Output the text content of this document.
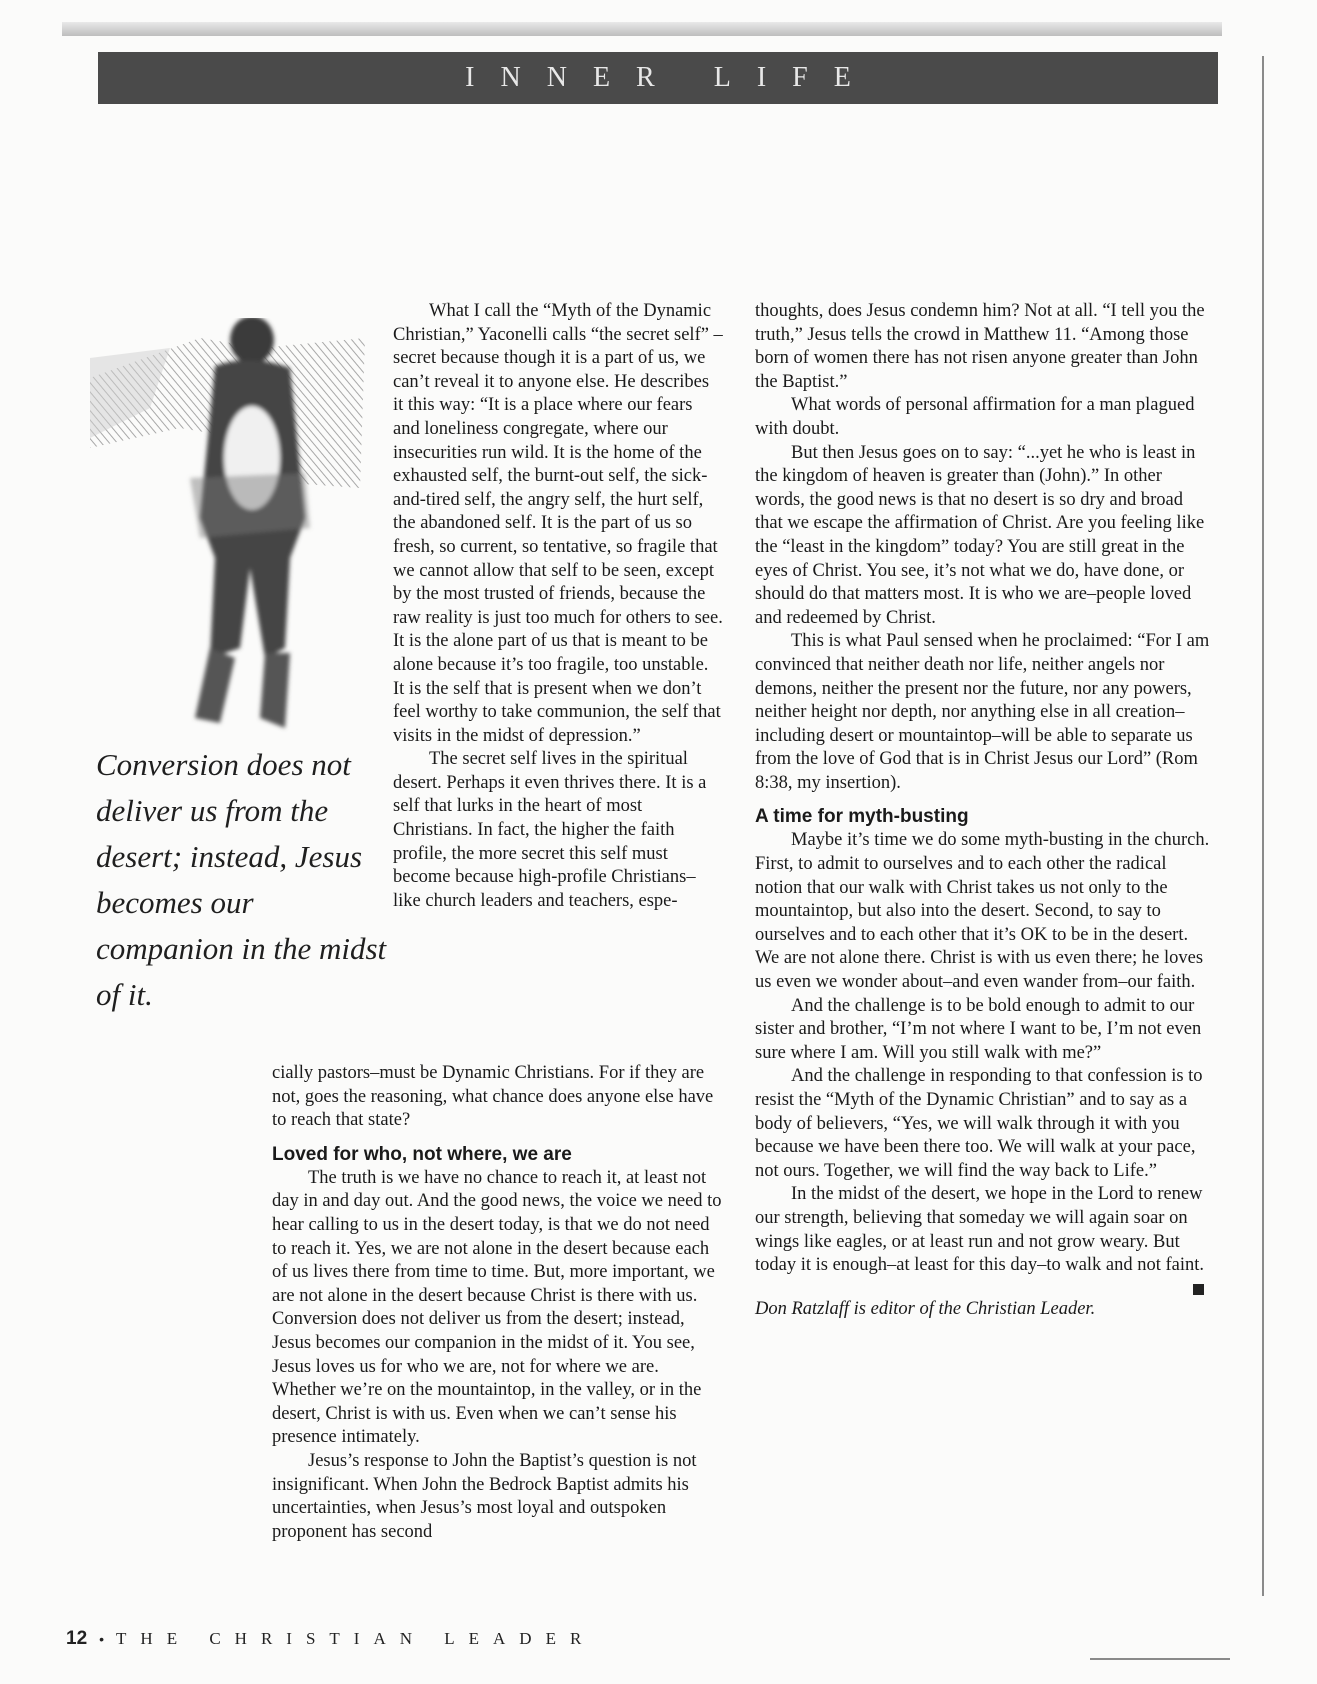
INNER LIFE
Conversion does not deliver us from the desert; instead, Jesus becomes our companion in the midst of it.

What I call the “Myth of the Dynamic Christian,” Yaconelli calls “the secret self” – secret because though it is a part of us, we can’t reveal it to anyone else. He describes it this way: “It is a place where our fears and loneliness congregate, where our insecurities run wild. It is the home of the exhausted self, the burnt-out self, the sick-and-tired self, the angry self, the hurt self, the abandoned self. It is the part of us so fresh, so current, so tentative, so fragile that we cannot allow that self to be seen, except by the most trusted of friends, because the raw reality is just too much for others to see. It is the alone part of us that is meant to be alone because it’s too fragile, too unstable. It is the self that is present when we don’t feel worthy to take communion, the self that visits in the midst of depression.”

The secret self lives in the spiritual desert. Perhaps it even thrives there. It is a self that lurks in the heart of most Christians. In fact, the higher the faith profile, the more secret this self must become because high-profile Christians–like church leaders and teachers, espe-

cially pastors–must be Dynamic Christians. For if they are not, goes the reasoning, what chance does anyone else have to reach that state?

Loved for who, not where, we are

The truth is we have no chance to reach it, at least not day in and day out. And the good news, the voice we need to hear calling to us in the desert today, is that we do not need to reach it. Yes, we are not alone in the desert because each of us lives there from time to time. But, more important, we are not alone in the desert because Christ is there with us. Conversion does not deliver us from the desert; instead, Jesus becomes our companion in the midst of it. You see, Jesus loves us for who we are, not for where we are. Whether we’re on the mountaintop, in the valley, or in the desert, Christ is with us. Even when we can’t sense his presence intimately.

Jesus’s response to John the Baptist’s question is not insignificant. When John the Bedrock Baptist admits his uncertainties, when Jesus’s most loyal and outspoken proponent has second

thoughts, does Jesus condemn him? Not at all. “I tell you the truth,” Jesus tells the crowd in Matthew 11. “Among those born of women there has not risen anyone greater than John the Baptist.”

What words of personal affirmation for a man plagued with doubt.

But then Jesus goes on to say: “...yet he who is least in the kingdom of heaven is greater than (John).” In other words, the good news is that no desert is so dry and broad that we escape the affirmation of Christ. Are you feeling like the “least in the kingdom” today? You are still great in the eyes of Christ. You see, it’s not what we do, have done, or should do that matters most. It is who we are–people loved and redeemed by Christ.

This is what Paul sensed when he proclaimed: “For I am convinced that neither death nor life, neither angels nor demons, neither the present nor the future, nor any powers, neither height nor depth, nor anything else in all creation–including desert or mountaintop–will be able to separate us from the love of God that is in Christ Jesus our Lord” (Rom 8:38, my insertion).

A time for myth-busting

Maybe it’s time we do some myth-busting in the church. First, to admit to ourselves and to each other the radical notion that our walk with Christ takes us not only to the mountaintop, but also into the desert. Second, to say to ourselves and to each other that it’s OK to be in the desert. We are not alone there. Christ is with us even there; he loves us even we wonder about–and even wander from–our faith.

And the challenge is to be bold enough to admit to our sister and brother, “I’m not where I want to be, I’m not even sure where I am. Will you still walk with me?”

And the challenge in responding to that confession is to resist the “Myth of the Dynamic Christian” and to say as a body of believers, “Yes, we will walk through it with you because we have been there too. We will walk at your pace, not ours. Together, we will find the way back to Life.”

In the midst of the desert, we hope in the Lord to renew our strength, believing that someday we will again soar on wings like eagles, or at least run and not grow weary. But today it is enough–at least for this day–to walk and not faint.

Don Ratzlaff is editor of the Christian Leader.

12 • THE CHRISTIAN LEADER
